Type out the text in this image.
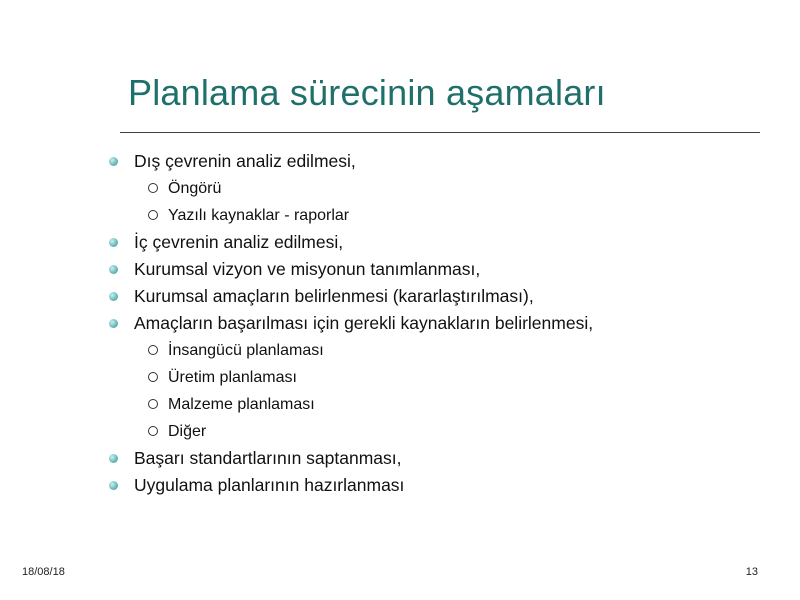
Planlama sürecinin aşamaları
Dış çevrenin analiz edilmesi,
Öngörü
Yazılı kaynaklar - raporlar
İç çevrenin analiz edilmesi,
Kurumsal vizyon ve misyonun tanımlanması,
Kurumsal amaçların belirlenmesi (kararlaştırılması),
Amaçların başarılması için gerekli kaynakların belirlenmesi,
İnsangücü planlaması
Üretim planlaması
Malzeme planlaması
Diğer
Başarı standartlarının saptanması,
Uygulama planlarının hazırlanması
18/08/18	13
